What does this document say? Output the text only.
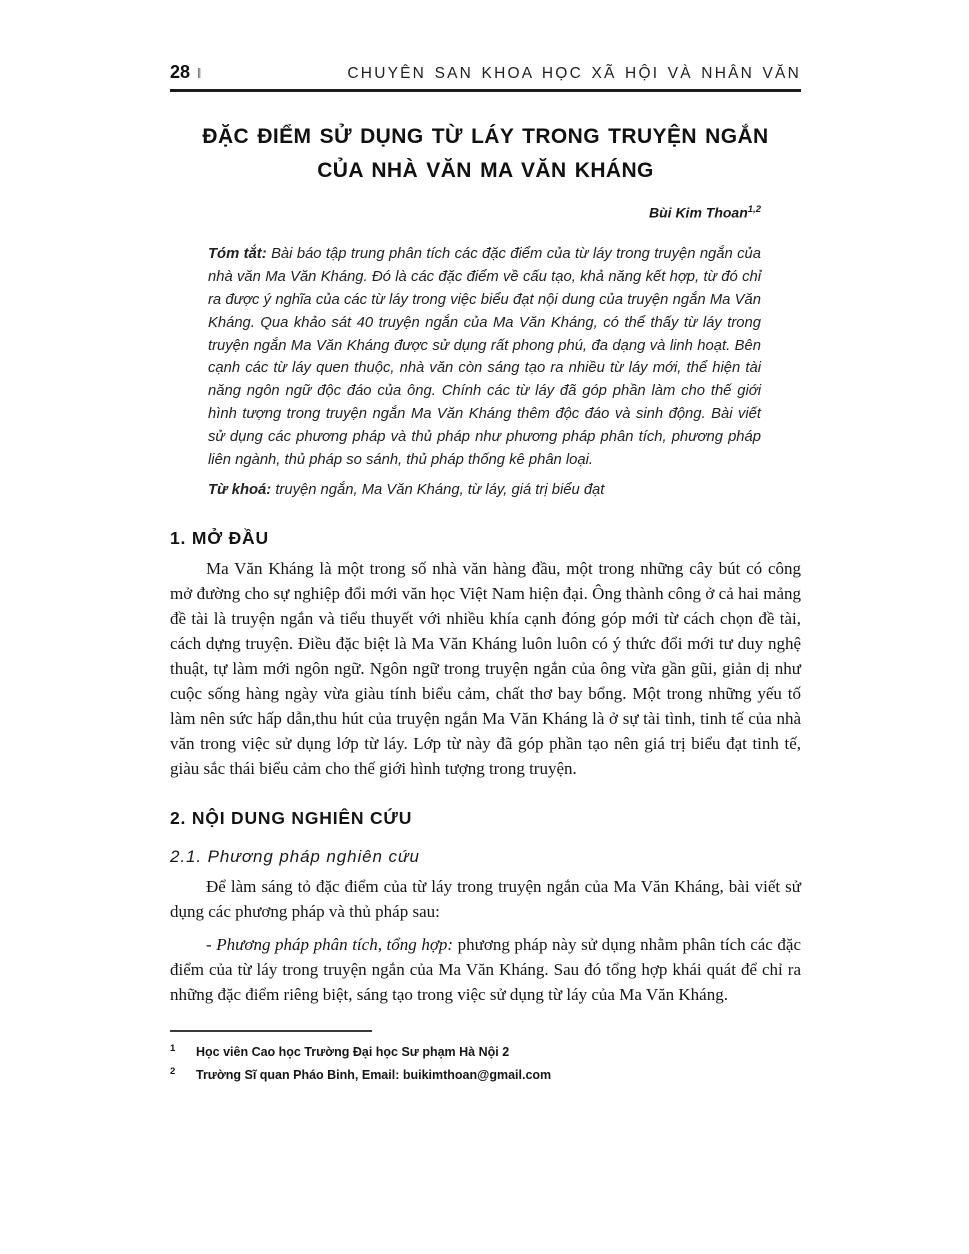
28 ‖	CHUYÊN SAN KHOA HỌC XÃ HỘI VÀ NHÂN VĂN
ĐẶC ĐIỂM SỬ DỤNG TỪ LÁY TRONG TRUYỆN NGẮN
CỦA NHÀ VĂN MA VĂN KHÁNG
Bùi Kim Thoan$^{1,2}$

Tóm tắt: Bài báo tập trung phân tích các đặc điểm của từ láy trong truyện ngắn của nhà văn Ma Văn Kháng. Đó là các đặc điểm về cấu tạo, khả năng kết hợp, từ đó chỉ ra được ý nghĩa của các từ láy trong việc biểu đạt nội dung của truyện ngắn Ma Văn Kháng. Qua khảo sát 40 truyện ngắn của Ma Văn Kháng, có thể thấy từ láy trong truyện ngắn Ma Văn Kháng được sử dụng rất phong phú, đa dạng và linh hoạt. Bên cạnh các từ láy quen thuộc, nhà văn còn sáng tạo ra nhiều từ láy mới, thể hiện tài năng ngôn ngữ độc đáo của ông. Chính các từ láy đã góp phần làm cho thế giới hình tượng trong truyện ngắn Ma Văn Kháng thêm độc đáo và sinh động. Bài viết sử dụng các phương pháp và thủ pháp như phương pháp phân tích, phương pháp liên ngành, thủ pháp so sánh, thủ pháp thống kê phân loại.

Từ khoá: truyện ngắn, Ma Văn Kháng, từ láy, giá trị biểu đạt

1. MỞ ĐẦU

Ma Văn Kháng là một trong số nhà văn hàng đầu, một trong những cây bút có công mở đường cho sự nghiệp đổi mới văn học Việt Nam hiện đại. Ông thành công ở cả hai mảng đề tài là truyện ngắn và tiểu thuyết với nhiều khía cạnh đóng góp mới từ cách chọn đề tài, cách dựng truyện. Điều đặc biệt là Ma Văn Kháng luôn luôn có ý thức đổi mới tư duy nghệ thuật, tự làm mới ngôn ngữ. Ngôn ngữ trong truyện ngắn của ông vừa gần gũi, giản dị như cuộc sống hàng ngày vừa giàu tính biểu cảm, chất thơ bay bổng. Một trong những yếu tố làm nên sức hấp dẫn,thu hút của truyện ngắn Ma Văn Kháng là ở sự tài tình, tinh tế của nhà văn trong việc sử dụng lớp từ láy. Lớp từ này đã góp phần tạo nên giá trị biểu đạt tinh tế, giàu sắc thái biểu cảm cho thế giới hình tượng trong truyện.

2. NỘI DUNG NGHIÊN CỨU
2.1. Phương pháp nghiên cứu

Để làm sáng tỏ đặc điểm của từ láy trong truyện ngắn của Ma Văn Kháng, bài viết sử dụng các phương pháp và thủ pháp sau:

- Phương pháp phân tích, tổng hợp: phương pháp này sử dụng nhằm phân tích các đặc điểm của từ láy trong truyện ngắn của Ma Văn Kháng. Sau đó tổng hợp khái quát để chỉ ra những đặc điểm riêng biệt, sáng tạo trong việc sử dụng từ láy của Ma Văn Kháng.

$^1$ Học viên Cao học Trường Đại học Sư phạm Hà Nội 2
$^2$ Trường Sĩ quan Pháo Binh, Email: buikimthoan@gmail.com
